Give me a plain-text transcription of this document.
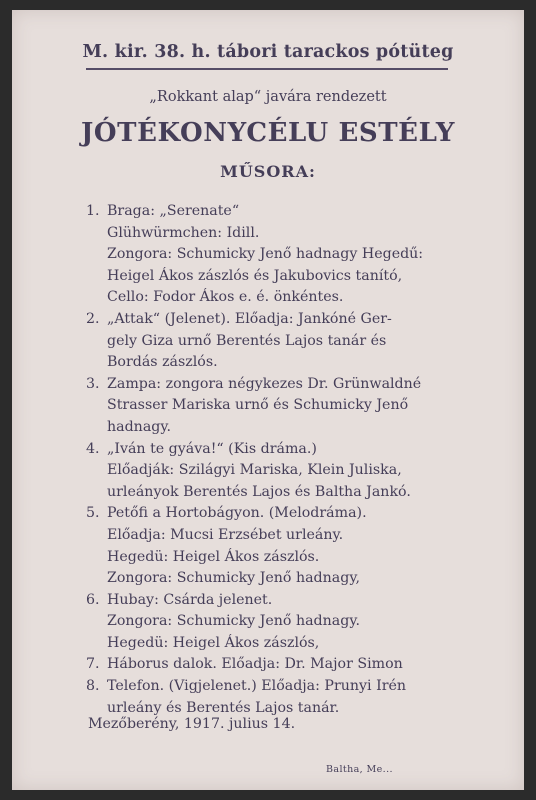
M. kir. 38. h. tábori tarackos pótüteg
„Rokkant alap“ javára rendezett
JÓTÉKONYCÉLU ESTÉLY
MŰSORA:
1. Braga: „Serenate“
Glühwürmchen: Idill.
Zongora: Schumicky Jenő hadnagy Hegedű:
Heigel Ákos zászlós és Jakubovics tanító,
Cello: Fodor Ákos e. é. önkéntes.
2. „Attak“ (Jelenet). Előadja: Jankóné Ger-
gely Giza urnő Berentés Lajos tanár és
Bordás zászlós.
3. Zampa: zongora négykezes Dr. Grünwaldné
Strasser Mariska urnő és Schumicky Jenő
hadnagy.
4. „Iván te gyáva!“ (Kis dráma.)
Előadják: Szilágyi Mariska, Klein Juliska,
urleányok Berentés Lajos és Baltha Jankó.
5. Petőfi a Hortobágyon. (Melodráma).
Előadja: Mucsi Erzsébet urleány.
Hegedü: Heigel Ákos zászlós.
Zongora: Schumicky Jenő hadnagy,
6. Hubay: Csárda jelenet.
Zongora: Schumicky Jenő hadnagy.
Hegedü: Heigel Ákos zászlós,
7. Háborus dalok. Előadja: Dr. Major Simon
8. Telefon. (Vigjelenet.) Előadja: Prunyi Irén
urleány és Berentés Lajos tanár.
Mezőberény, 1917. julius 14.
Baltha, Me...
